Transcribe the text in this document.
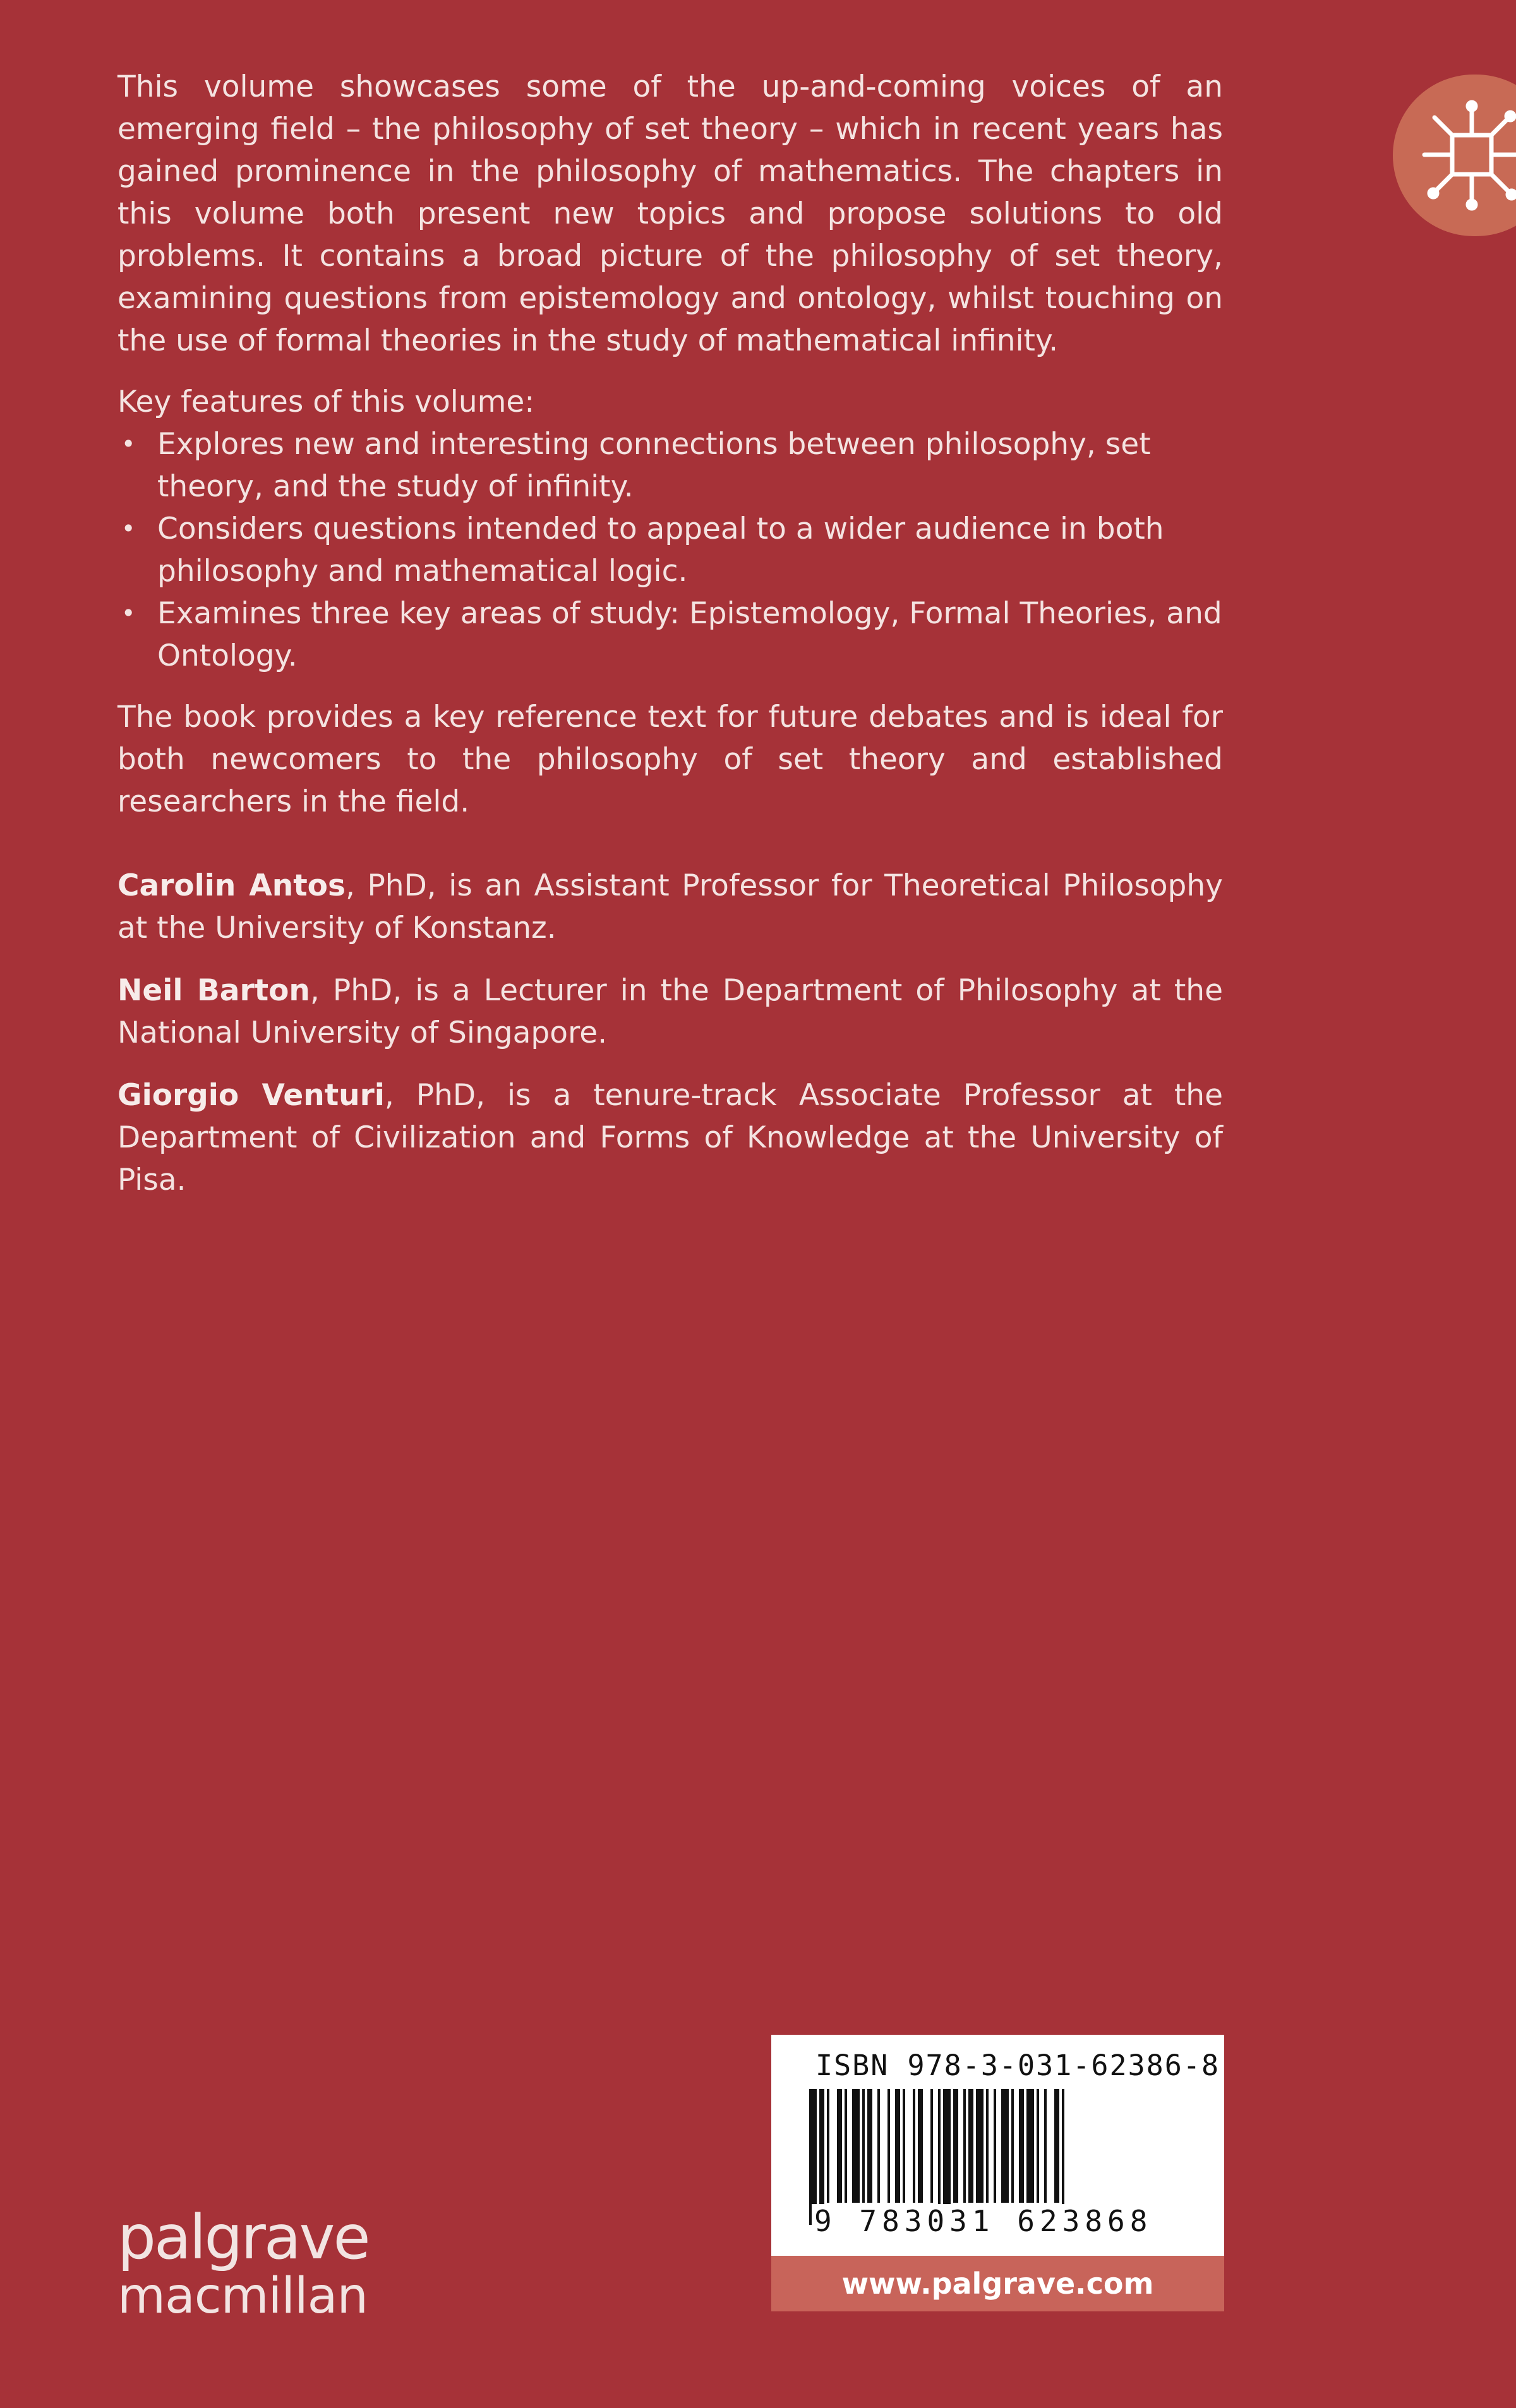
This volume showcases some of the up-and-coming voices of an emerging field – the philosophy of set theory – which in recent years has gained prominence in the philosophy of mathematics. The chapters in this volume both present new topics and propose solutions to old problems. It contains a broad picture of the philosophy of set theory, examining questions from epistemology and ontology, whilst touching on the use of formal theories in the study of mathematical infinity.

Key features of this volume:

• Explores new and interesting connections between philosophy, set theory, and the study of infinity.
• Considers questions intended to appeal to a wider audience in both philosophy and mathematical logic.
• Examines three key areas of study: Epistemology, Formal Theories, and Ontology.

The book provides a key reference text for future debates and is ideal for both newcomers to the philosophy of set theory and established researchers in the field.

Carolin Antos, PhD, is an Assistant Professor for Theoretical Philosophy at the University of Konstanz.

Neil Barton, PhD, is a Lecturer in the Department of Philosophy at the National University of Singapore.

Giorgio Venturi, PhD, is a tenure-track Associate Professor at the Department of Civilization and Forms of Knowledge at the University of Pisa.

palgrave
macmillan
ISBN 978-3-031-62386-8
9 783031 623868
www.palgrave.com
